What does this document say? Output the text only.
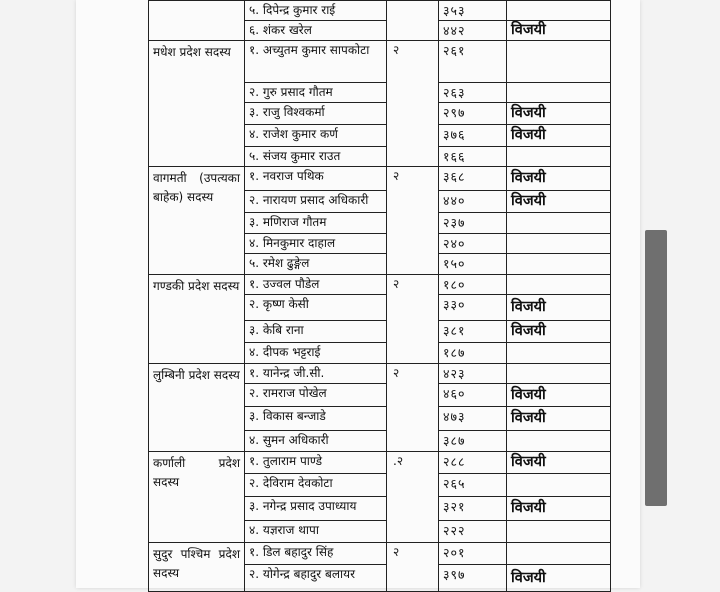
	५. दिपेन्द्र कुमार राई		३५३	
	६. शंकर खरेल		४४२	विजयी
मधेश प्रदेश सदस्य	१. अच्युतम कुमार सापकोटा	२	२६१	
	२. गुरु प्रसाद गौतम		२६३	
	३. राजु विश्वकर्मा		२९७	विजयी
	४. राजेश कुमार कर्ण		३७६	विजयी
	५. संजय कुमार राउत		१६६	
वागमती (उपत्यका बाहेक) सदस्य	१. नवराज पथिक	२	३६८	विजयी
	२. नारायण प्रसाद अधिकारी		४४०	विजयी
	३. मणिराज गौतम		२३७	
	४. मिनकुमार दाहाल		२४०	
	५. रमेश ढुङ्गेल		१५०	
गण्डकी प्रदेश सदस्य	१. उज्वल पौडेल	२	१८०	
	२. कृष्ण केसी		३३०	विजयी
	३. केबि राना		३८१	विजयी
	४. दीपक भट्टराई		१८७	
लुम्बिनी प्रदेश सदस्य	१. यानेन्द्र जी.सी.	२	४२३	
	२. रामराज पोखेल		४६०	विजयी
	३. विकास बन्जाडे		४७३	विजयी
	४. सुमन अधिकारी		३८७	
कर्णाली प्रदेश सदस्य	१. तुलाराम पाण्डे	.२	२८८	विजयी
	२. देविराम देवकोटा		२६५	
	३. नगेन्द्र प्रसाद उपाध्याय		३२१	विजयी
	४. यज्ञराज थापा		२२२	
सुदुर पश्चिम प्रदेश सदस्य	१. डिल बहादुर सिंह	२	२०१	
	२. योगेन्द्र बहादुर बलायर		३९७	विजयी
